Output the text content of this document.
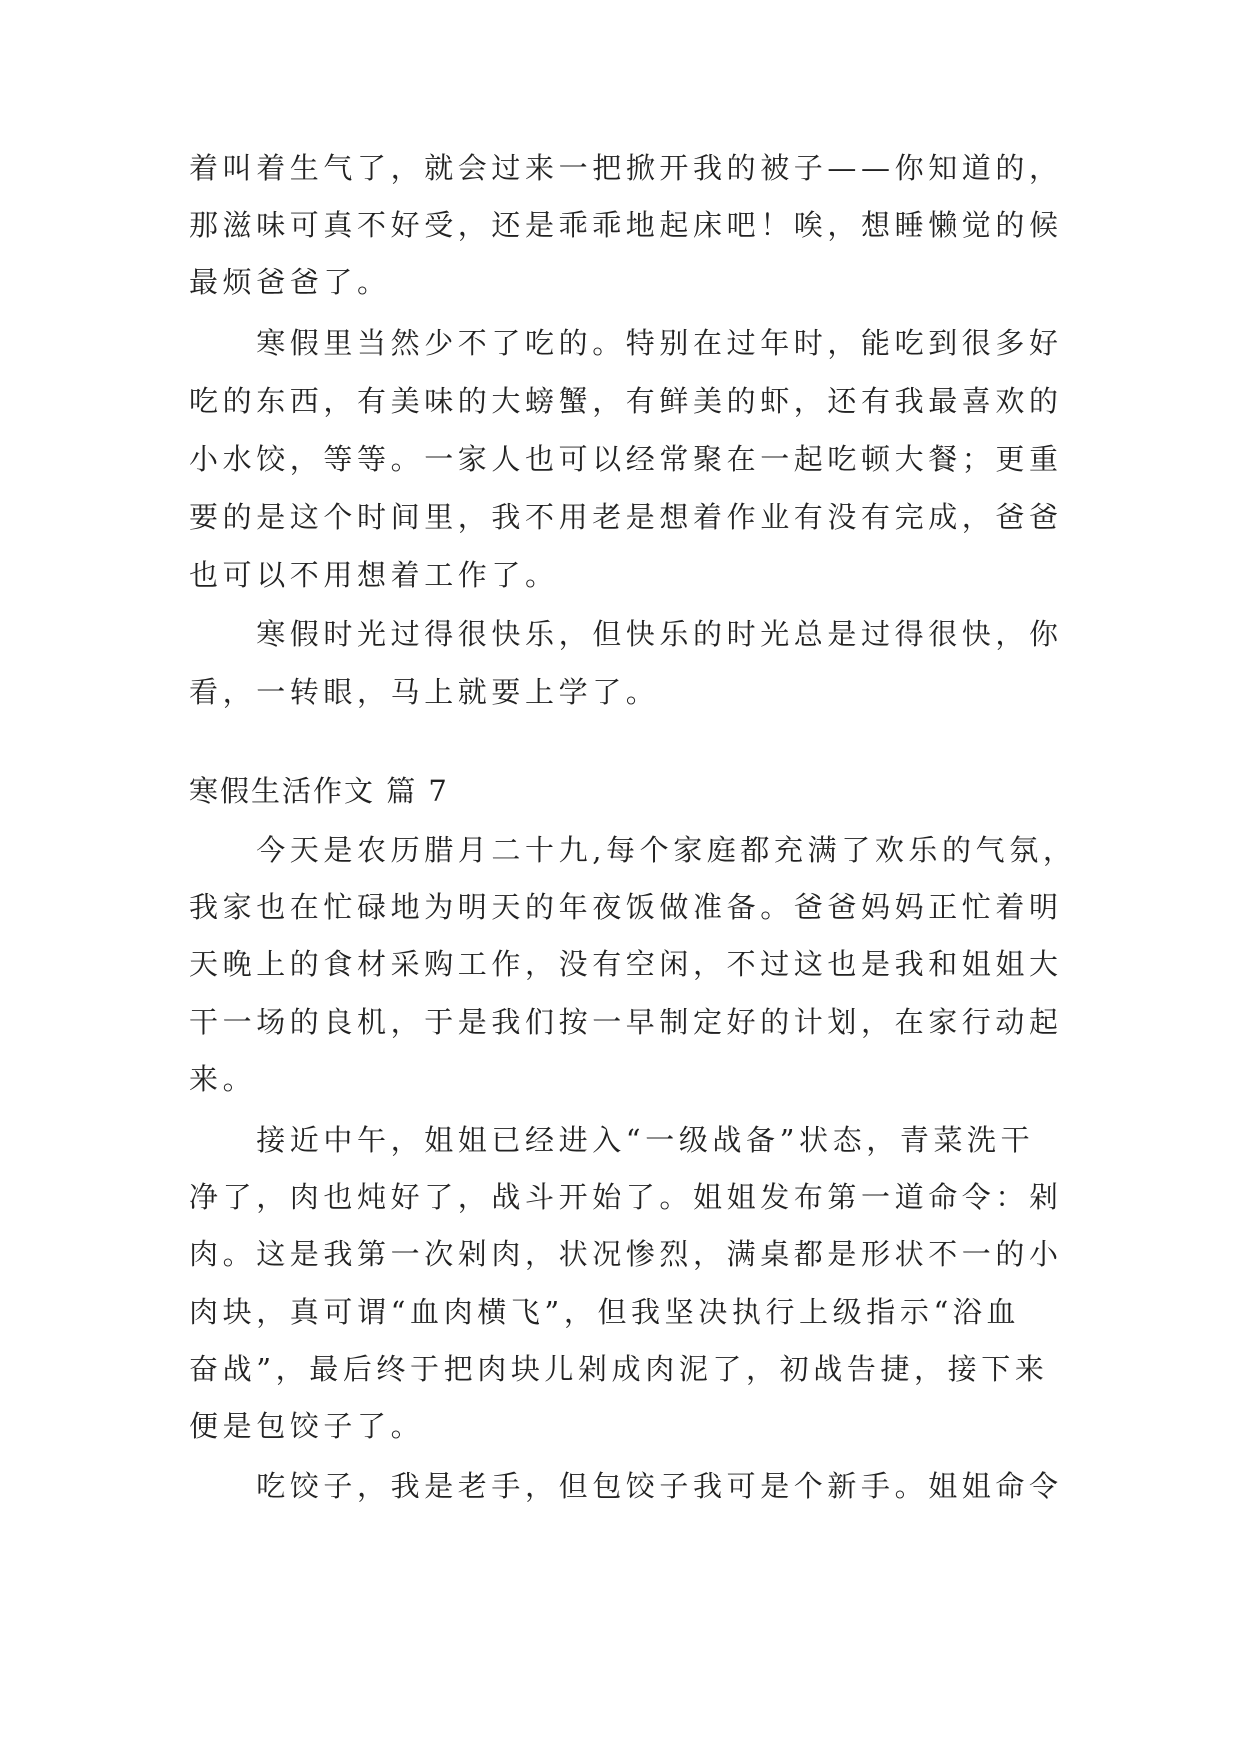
着叫着生气了，就会过来一把掀开我的被子——你知道的，
那滋味可真不好受，还是乖乖地起床吧！唉，想睡懒觉的候
最烦爸爸了。
　　寒假里当然少不了吃的。特别在过年时，能吃到很多好
吃的东西，有美味的大螃蟹，有鲜美的虾，还有我最喜欢的
小水饺，等等。一家人也可以经常聚在一起吃顿大餐；更重
要的是这个时间里，我不用老是想着作业有没有完成，爸爸
也可以不用想着工作了。
　　寒假时光过得很快乐，但快乐的时光总是过得很快，你
看，一转眼，马上就要上学了。
寒假生活作文 篇 7
　　今天是农历腊月二十九,每个家庭都充满了欢乐的气氛，
我家也在忙碌地为明天的年夜饭做准备。爸爸妈妈正忙着明
天晚上的食材采购工作，没有空闲，不过这也是我和姐姐大
干一场的良机，于是我们按一早制定好的计划，在家行动起
来。
　　接近中午，姐姐已经进入“一级战备”状态，青菜洗干
净了，肉也炖好了，战斗开始了。姐姐发布第一道命令：剁
肉。这是我第一次剁肉，状况惨烈，满桌都是形状不一的小
肉块，真可谓“血肉横飞”，但我坚决执行上级指示“浴血
奋战”，最后终于把肉块儿剁成肉泥了，初战告捷，接下来
便是包饺子了。
　　吃饺子，我是老手，但包饺子我可是个新手。姐姐命令
